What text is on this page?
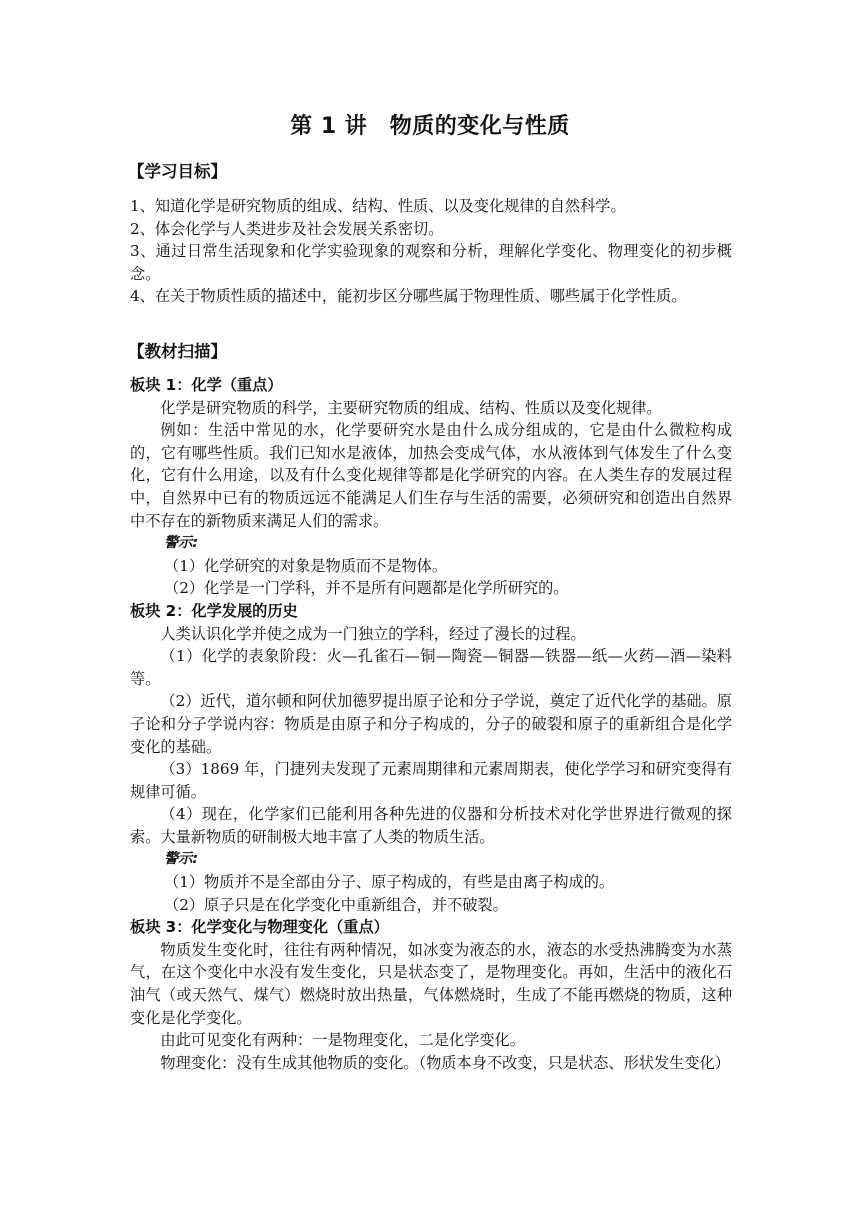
第 1 讲　物质的变化与性质
【学习目标】

1、知道化学是研究物质的组成、结构、性质、以及变化规律的自然科学。

2、体会化学与人类进步及社会发展关系密切。

3、通过日常生活现象和化学实验现象的观察和分析，理解化学变化、物理变化的初步概念。

4、在关于物质性质的描述中，能初步区分哪些属于物理性质、哪些属于化学性质。

【教材扫描】

板块 1：化学（重点）

化学是研究物质的科学，主要研究物质的组成、结构、性质以及变化规律。

例如：生活中常见的水，化学要研究水是由什么成分组成的，它是由什么微粒构成的，它有哪些性质。我们已知水是液体，加热会变成气体，水从液体到气体发生了什么变化，它有什么用途，以及有什么变化规律等都是化学研究的内容。在人类生存的发展过程中，自然界中已有的物质远远不能满足人们生存与生活的需要，必须研究和创造出自然界中不存在的新物质来满足人们的需求。

警示:

（1）化学研究的对象是物质而不是物体。

（2）化学是一门学科，并不是所有问题都是化学所研究的。

板块 2：化学发展的历史

人类认识化学并使之成为一门独立的学科，经过了漫长的过程。

（1）化学的表象阶段：火—孔雀石—铜—陶瓷—铜器—铁器—纸—火药—酒—染料等。

（2）近代，道尔顿和阿伏加德罗提出原子论和分子学说，奠定了近代化学的基础。原子论和分子学说内容：物质是由原子和分子构成的，分子的破裂和原子的重新组合是化学变化的基础。

（3）1869 年，门捷列夫发现了元素周期律和元素周期表，使化学学习和研究变得有规律可循。

（4）现在，化学家们已能利用各种先进的仪器和分析技术对化学世界进行微观的探索。大量新物质的研制极大地丰富了人类的物质生活。

警示:

（1）物质并不是全部由分子、原子构成的，有些是由离子构成的。

（2）原子只是在化学变化中重新组合，并不破裂。

板块 3：化学变化与物理变化（重点）

物质发生变化时，往往有两种情况，如冰变为液态的水，液态的水受热沸腾变为水蒸气，在这个变化中水没有发生变化，只是状态变了，是物理变化。再如，生活中的液化石油气（或天然气、煤气）燃烧时放出热量，气体燃烧时，生成了不能再燃烧的物质，这种变化是化学变化。

由此可见变化有两种：一是物理变化，二是化学变化。

物理变化：没有生成其他物质的变化。（物质本身不改变，只是状态、形状发生变化）
